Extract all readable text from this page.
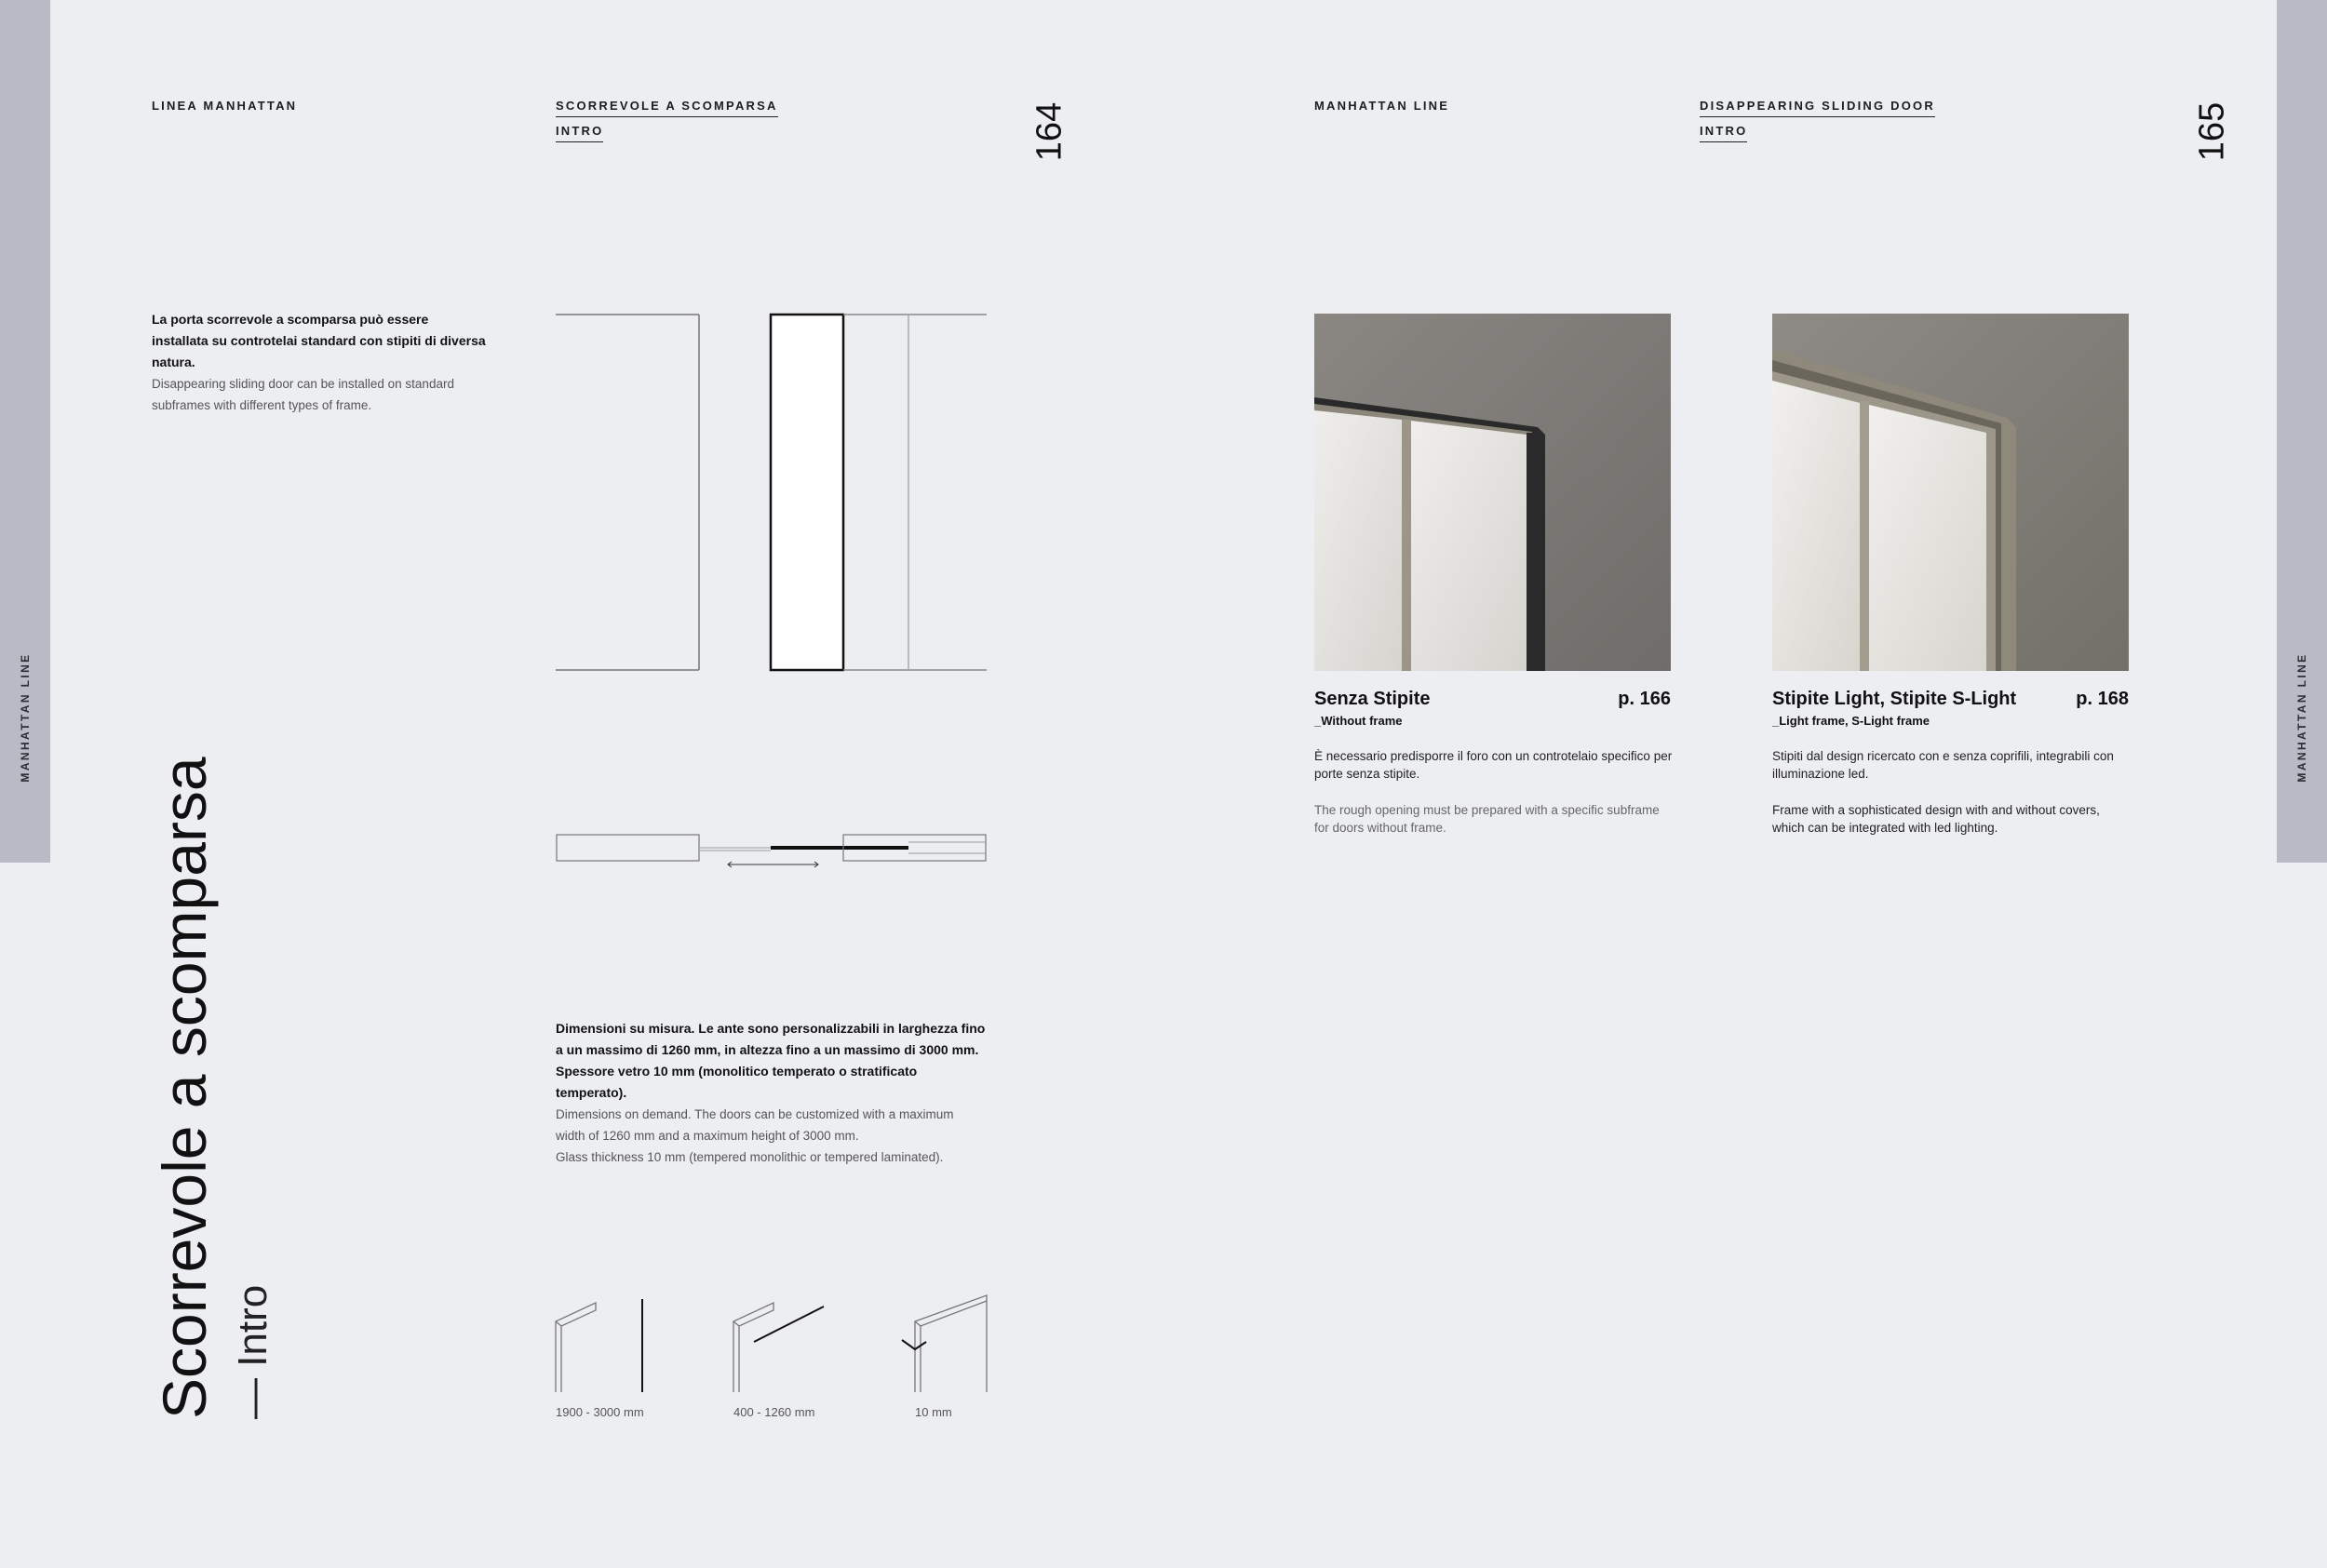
MANHATTAN LINE	MANHATTAN LINE
LINEA MANHATTAN	SCORREVOLE A SCOMPARSA
INTRO	164
La porta scorrevole a scomparsa può essere installata su controtelai standard con stipiti di diversa natura.
Disappearing sliding door can be installed on standard subframes with different types of frame.
Scorrevole a scomparsa — Intro
Dimensioni su misura. Le ante sono personalizzabili in larghezza fino a un massimo di 1260 mm, in altezza fino a un massimo di 3000 mm. Spessore vetro 10 mm (monolitico temperato o stratificato temperato).
Dimensions on demand. The doors can be customized with a maximum width of 1260 mm and a maximum height of 3000 mm.
Glass thickness 10 mm (tempered monolithic or tempered laminated).
1900 - 3000 mm	400 - 1260 mm	10 mm
MANHATTAN LINE	DISAPPEARING SLIDING DOOR
INTRO	165
Senza Stipite	p. 166
_Without frame
È necessario predisporre il foro con un controtelaio specifico per porte senza stipite.
The rough opening must be prepared with a specific subframe for doors without frame.
Stipite Light, Stipite S-Light	p. 168
_Light frame, S-Light frame
Stipiti dal design ricercato con e senza coprifili, integrabili con illuminazione led.
Frame with a sophisticated design with and without covers, which can be integrated with led lighting.
